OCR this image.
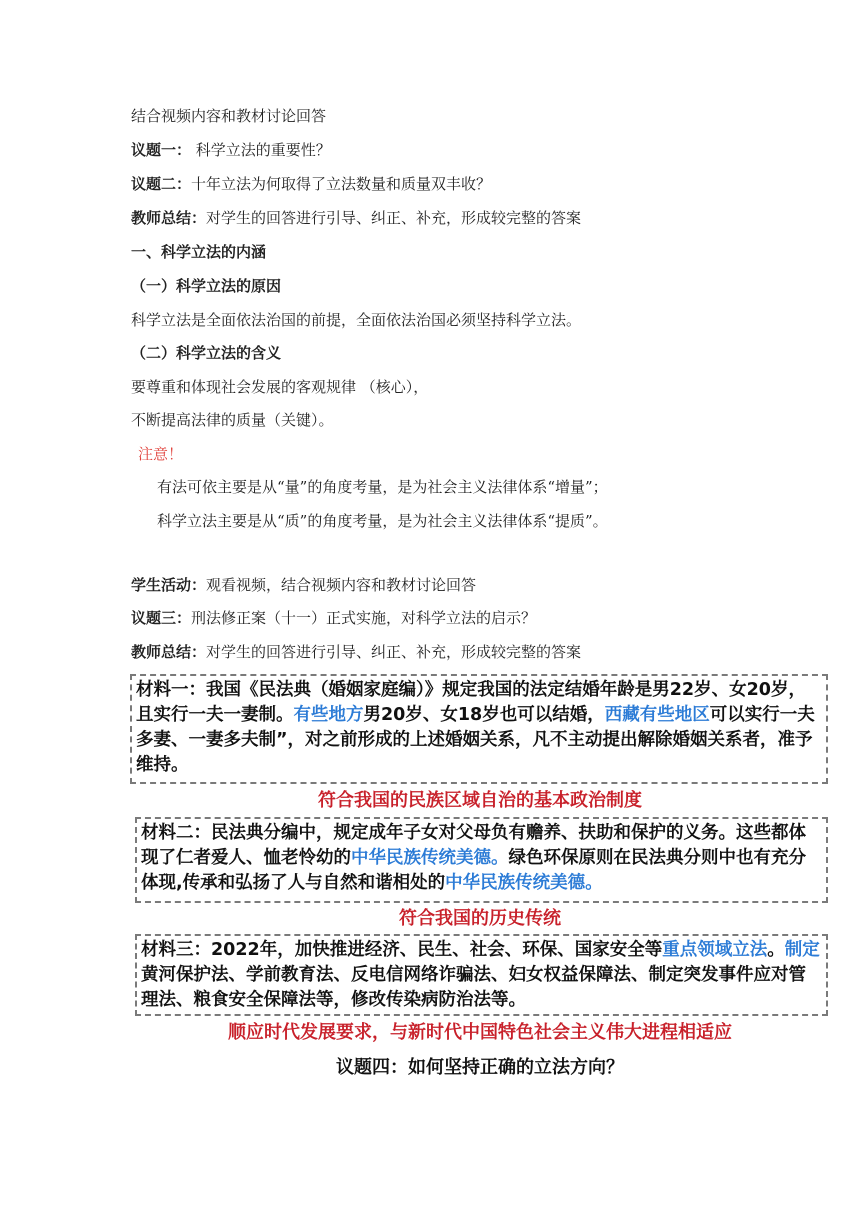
结合视频内容和教材讨论回答
议题一： 科学立法的重要性？
议题二：十年立法为何取得了立法数量和质量双丰收？
教师总结：对学生的回答进行引导、纠正、补充，形成较完整的答案
一、科学立法的内涵
（一）科学立法的原因
科学立法是全面依法治国的前提，全面依法治国必须坚持科学立法。
（二）科学立法的含义
要尊重和体现社会发展的客观规律 （核心），
不断提高法律的质量（关键）。
注意！
有法可依主要是从“量”的角度考量，是为社会主义法律体系“增量”；
科学立法主要是从“质”的角度考量，是为社会主义法律体系“提质”。
学生活动：观看视频，结合视频内容和教材讨论回答
议题三：刑法修正案（十一）正式实施，对科学立法的启示？
教师总结：对学生的回答进行引导、纠正、补充，形成较完整的答案
材料一：我国《民法典（婚姻家庭编）》规定我国的法定结婚年龄是男22岁、女20岁，且实行一夫一妻制。有些地方男20岁、女18岁也可以结婚，西藏有些地区可以实行一夫多妻、一妻多夫制”，对之前形成的上述婚姻关系，凡不主动提出解除婚姻关系者，准予维持。
符合我国的民族区域自治的基本政治制度
材料二：民法典分编中，规定成年子女对父母负有赡养、扶助和保护的义务。这些都体现了仁者爱人、恤老怜幼的中华民族传统美德。绿色环保原则在民法典分则中也有充分体现,传承和弘扬了人与自然和谐相处的中华民族传统美德。
符合我国的历史传统
材料三：2022年，加快推进经济、民生、社会、环保、国家安全等重点领域立法。制定黄河保护法、学前教育法、反电信网络诈骗法、妇女权益保障法、制定突发事件应对管理法、粮食安全保障法等，修改传染病防治法等。
顺应时代发展要求，与新时代中国特色社会主义伟大进程相适应
议题四：如何坚持正确的立法方向？
